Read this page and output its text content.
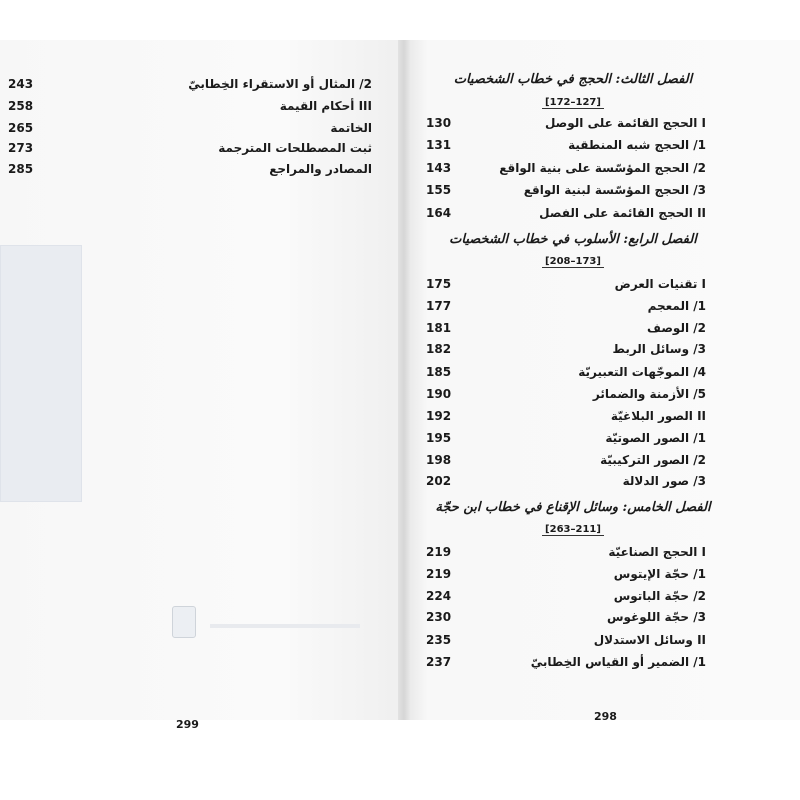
243	2/ المثال أو الاستقراء الخِطابيّ
258	III أحكام القيمة
265	الخاتمة
273	ثبت المصطلحات المترجمة
285	المصادر والمراجع
299
الفصل الثالث: الحجج في خطاب الشخصيات
[172–127]
130	I الحجج القائمة على الوصل
131	1/ الحجج شبه المنطقية
143	2/ الحجج المؤسّسة على بنية الواقع
155	3/ الحجج المؤسّسة لبنية الواقع
164	II الحجج القائمة على الفصل
الفصل الرابع: الأسلوب في خطاب الشخصيات
[208–173]
175	I تقنيات العرض
177	1/ المعجم
181	2/ الوصف
182	3/ وسائل الربط
185	4/ الموجّهات التعبيريّة
190	5/ الأزمنة والضمائر
192	II الصور البلاغيّة
195	1/ الصور الصوتيّة
198	2/ الصور التركيبيّة
202	3/ صور الدلالة
الفصل الخامس: وسائل الإقناع في خطاب ابن حجّة
[263–211]
219	I الحجج الصناعيّة
219	1/ حجّة الإيتوس
224	2/ حجّة الباتوس
230	3/ حجّة اللوغوس
235	II وسائل الاستدلال
237	1/ الضمير أو القياس الخِطابيّ
298
